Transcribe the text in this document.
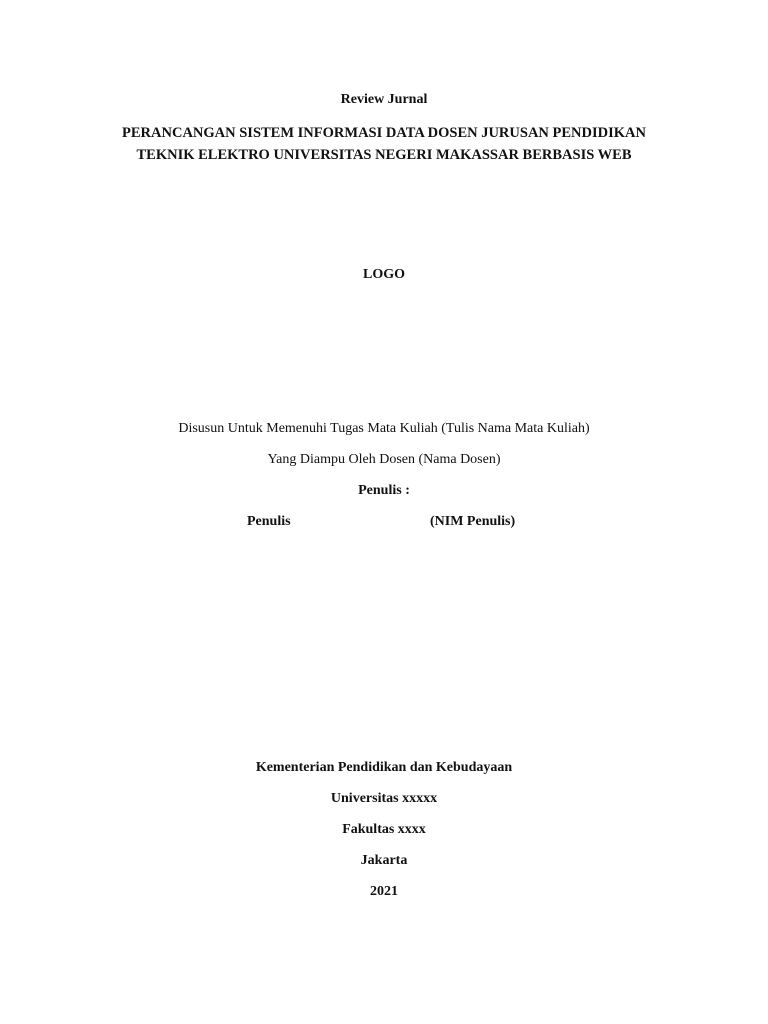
Review Jurnal
PERANCANGAN SISTEM INFORMASI DATA DOSEN JURUSAN PENDIDIKAN
TEKNIK ELEKTRO UNIVERSITAS NEGERI MAKASSAR BERBASIS WEB
LOGO
Disusun Untuk Memenuhi Tugas Mata Kuliah (Tulis Nama Mata Kuliah)
Yang Diampu Oleh Dosen (Nama Dosen)
Penulis :
Penulis	(NIM Penulis)
Kementerian Pendidikan dan Kebudayaan
Universitas xxxxx
Fakultas xxxx
Jakarta
2021
